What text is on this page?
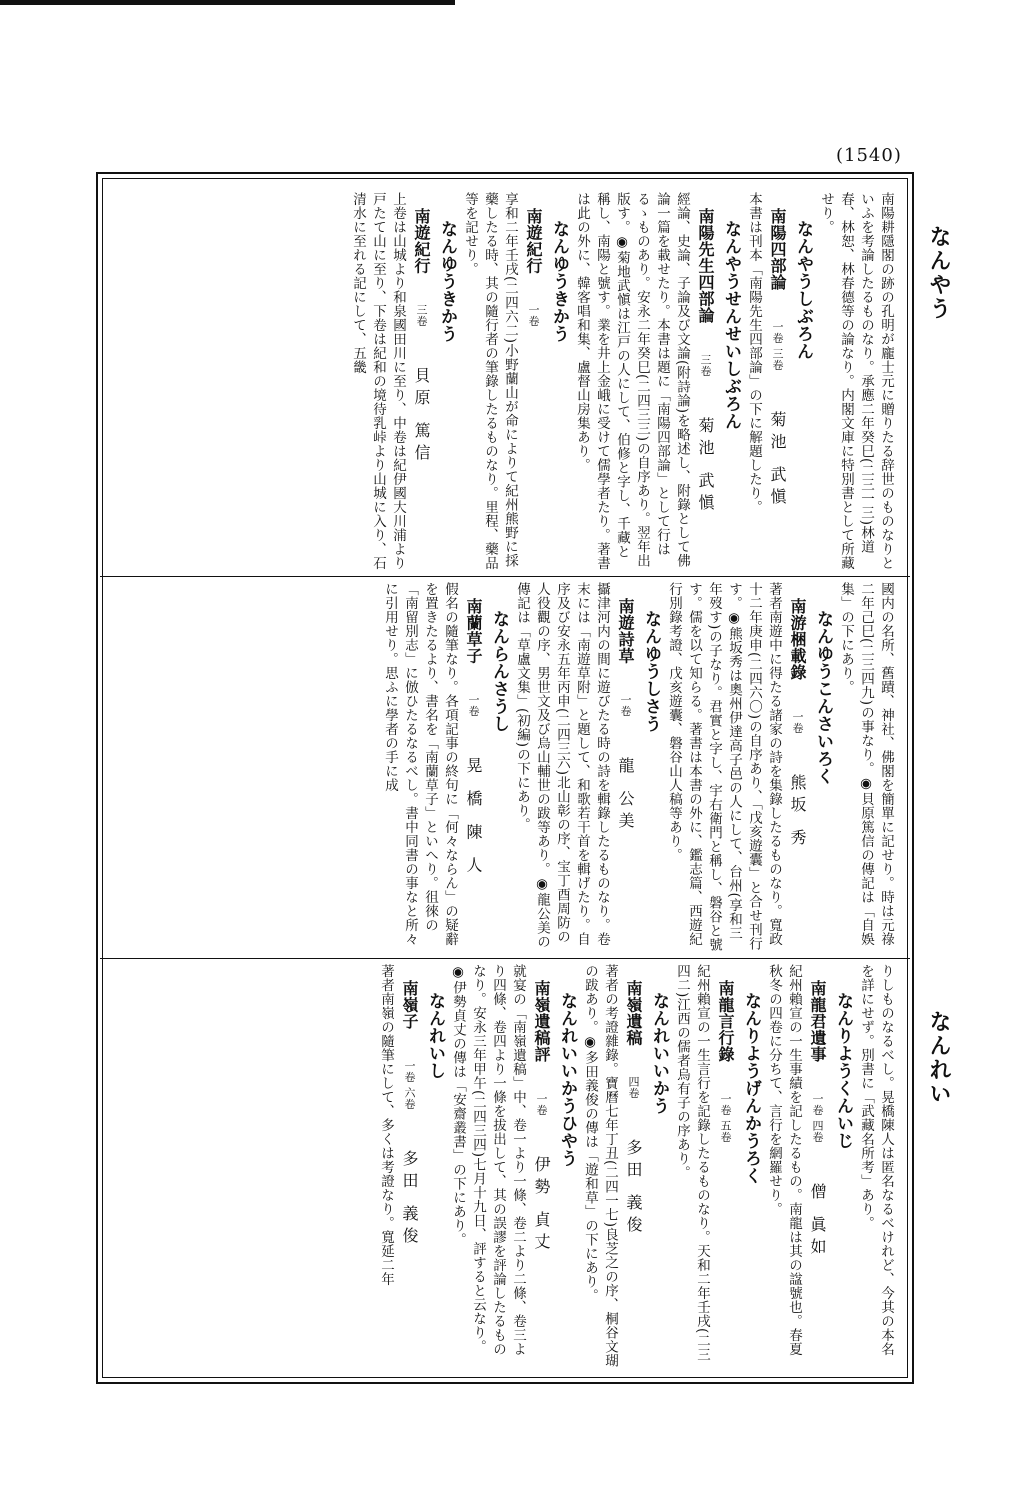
(1540)
なんやう
なんれい
南陽耕隱閣の跡の孔明が龐士元に贈りたる辞世のものなりといふを考論したるものなり。承應二年癸巳(二三一三)林道春、林恕、林春德等の論なり。内閣文庫に特別書として所藏せり。
なんやうしぶろん
南陽四部論一卷 三卷菊池 武愼
本書は刊本「南陽先生四部論」の下に解題したり。
なんやうせんせいしぶろん
南陽先生四部論三卷菊池 武愼
經論、史論、子論及び文論(附詩論)を略述し、附錄として佛論一篇を載せたり。本書は題に「南陽四部論」として行はるゝものあり。安永二年癸巳(二四三三)の自序あり。翌年出版す。◉菊地武愼は江戸の人にして、伯修と字し、千藏と稱し、南陽と號す。業を井上金峨に受けて儒學者たり。著書は此の外に、韓客唱和集、盧督山房集あり。
なんゆうきかう
南遊紀行一卷
享和二年壬戌(二四六二)小野蘭山が命によりて紀州熊野に採藥したる時、其の隨行者の筆錄したるものなり。里程、藥品等を記せり。
なんゆうきかう
南遊紀行三卷貝原 篤信
上卷は山城より和泉國田川に至り、中卷は紀伊國大川浦より戸たて山に至り、下卷は紀和の境待乳峠より山城に入り、石清水に至れる記にして、五畿
國内の名所、舊蹟、神社、佛閣を簡單に記せり。時は元祿二年己巳(二三四九)の事なり。◉貝原篤信の傳記は「自娛集」の下にあり。
なんゆうこんさいろく
南游梱載錄一卷熊坂 秀
著者南遊中に得たる諸家の詩を集錄したるものなり。寬政十二年庚申(二四六〇)の自序あり、「戊亥遊囊」と合せ刊行す。◉熊坂秀は奧州伊達高子邑の人にして、台州(享和三年歿す)の子なり。君實と字し、宇右衛門と稱し、磐谷と號す。儒を以て知らる。著書は本書の外に、鑑志篇、西遊紀行別錄考證、戊亥遊囊、磐谷山人稿等あり。
なんゆうしさう
南遊詩草一卷龍 公美
攝津河内の間に遊びたる時の詩を輯錄したるものなり。卷末には「南遊草附」と題して、和歌若干首を輯げたり。自序及び安永五年丙申(二四三六)北山彰の序、宝丁酉周防の人役觀の序、男世文及び烏山輔世の跋等あり。◉龍公美の傳記は「草盧文集」(初編)の下にあり。
なんらんさうし
南蘭草子一卷晃 橋 陳 人
假名の隨筆なり。各項記事の終句に「何々ならん」の疑辭を置きたるより、書名を「南蘭草子」といへり。徂徠の「南留別志」に倣ひたるなるべし。書中同書の事なと所々に引用せり。思ふに學者の手に成
りしものなるべし。晃橋陳人は匿名なるべけれど、今其の本名を詳にせず。別書に「武藏名所考」あり。
なんりようくんいじ
南龍君遺事一卷 四卷僧 眞如
紀州賴宣の一生事績を記したるもの。南龍は其の諡號也。春夏秋冬の四卷に分ちて、言行を網羅せり。
なんりようげんかうろく
南龍言行錄一卷 五卷
紀州賴宣の一生言行を記錄したるものなり。天和二年壬戌(二三四二)江西の儒者烏有子の序あり。
なんれいいかう
南嶺遺稿四卷多田 義俊
著者の考證雜錄。寶曆七年丁丑(二四一七)良芝之の序、桐谷文瑚の跋あり。◉多田義俊の傳は「遊和草」の下にあり。
なんれいいかうひやう
南嶺遺稿評一卷伊勢 貞丈
就宴の「南嶺遺稿」中、卷一より一條、卷二より二條、卷三より四條、卷四より一條を拔出して、其の誤謬を評論したるものなり。安永三年甲午(二四三四)七月十九日、評すると云なり。◉伊勢貞丈の傳は「安齋叢書」の下にあり。
なんれいし
南嶺子一卷 六卷多田 義俊
著者南嶺の隨筆にして、多くは考證なり。寬延二年
